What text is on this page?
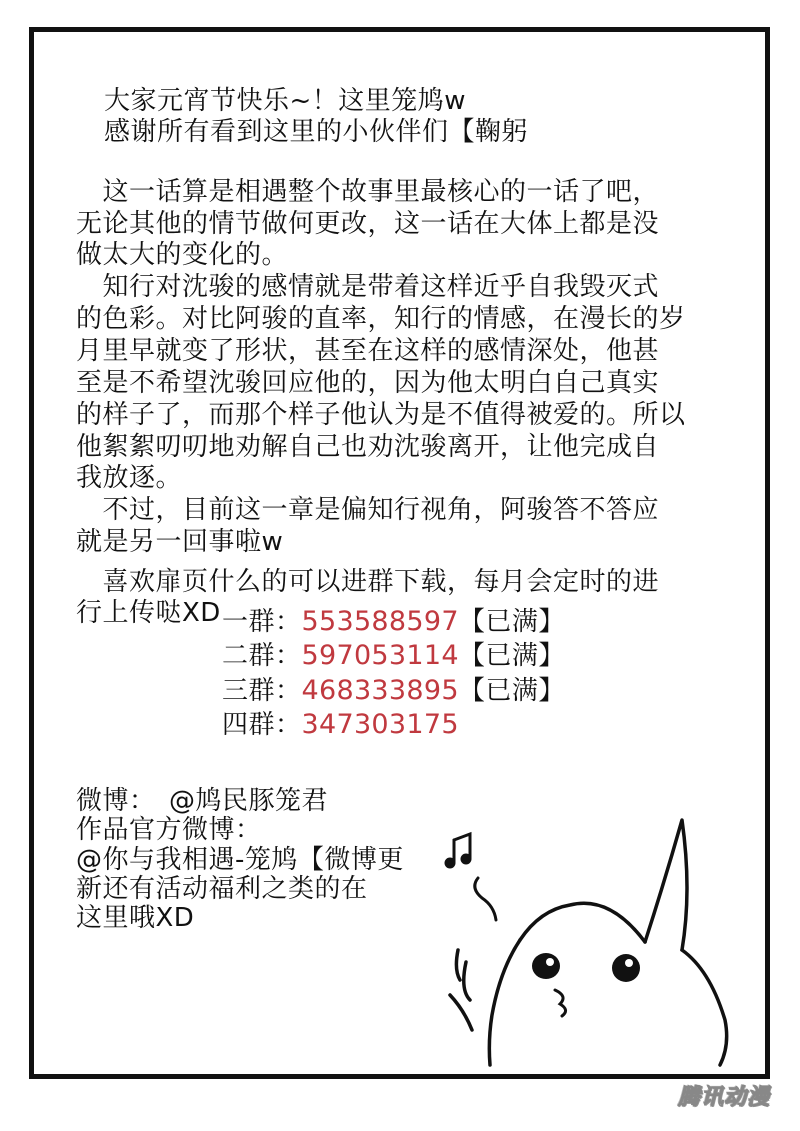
大家元宵节快乐~！这里笼鸠w
感谢所有看到这里的小伙伴们【鞠躬
　这一话算是相遇整个故事里最核心的一话了吧，
无论其他的情节做何更改，这一话在大体上都是没
做太大的变化的。
　知行对沈骏的感情就是带着这样近乎自我毁灭式
的色彩。对比阿骏的直率，知行的情感，在漫长的岁
月里早就变了形状，甚至在这样的感情深处，他甚
至是不希望沈骏回应他的，因为他太明白自己真实
的样子了，而那个样子他认为是不值得被爱的。所以
他絮絮叨叨地劝解自己也劝沈骏离开，让他完成自
我放逐。
　不过，目前这一章是偏知行视角，阿骏答不答应
就是另一回事啦w
　喜欢扉页什么的可以进群下载，每月会定时的进
行上传哒XD 一群：553588597【已满】
二群：597053114【已满】
三群：468333895【已满】
四群：347303175
微博：　@鸠民豚笼君
作品官方微博：
@你与我相遇-笼鸠【微博更
新还有活动福利之类的在
这里哦XD
腾讯动漫
